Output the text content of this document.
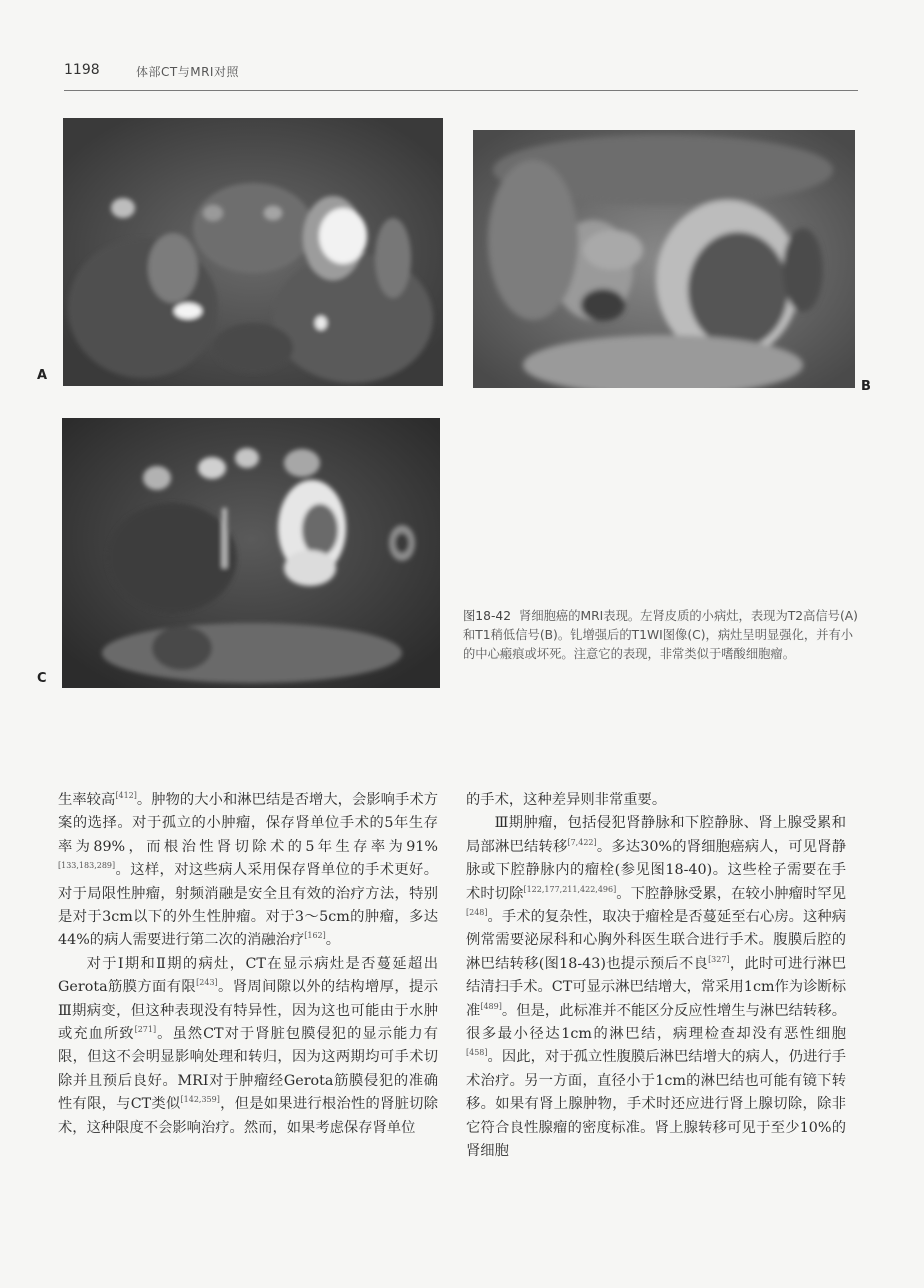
1198	体部CT与MRI对照
A
B
C
图18-42 肾细胞癌的MRI表现。左肾皮质的小病灶，表现为T2高信号(A)和T1稍低信号(B)。钆增强后的T1WI图像(C)，病灶呈明显强化，并有小的中心瘢痕或坏死。注意它的表现，非常类似于嗜酸细胞瘤。

生率较高[412]。肿物的大小和淋巴结是否增大，会影响手术方案的选择。对于孤立的小肿瘤，保存肾单位手术的5年生存率为89%，而根治性肾切除术的5年生存率为91%[133,183,289]。这样，对这些病人采用保存肾单位的手术更好。对于局限性肿瘤，射频消融是安全且有效的治疗方法，特别是对于3cm以下的外生性肿瘤。对于3～5cm的肿瘤，多达44%的病人需要进行第二次的消融治疗[162]。

对于Ⅰ期和Ⅱ期的病灶，CT在显示病灶是否蔓延超出Gerota筋膜方面有限[243]。肾周间隙以外的结构增厚，提示Ⅲ期病变，但这种表现没有特异性，因为这也可能由于水肿或充血所致[271]。虽然CT对于肾脏包膜侵犯的显示能力有限，但这不会明显影响处理和转归，因为这两期均可手术切除并且预后良好。MRI对于肿瘤经Gerota筋膜侵犯的准确性有限，与CT类似[142,359]，但是如果进行根治性的肾脏切除术，这种限度不会影响治疗。然而，如果考虑保存肾单位

的手术，这种差异则非常重要。

Ⅲ期肿瘤，包括侵犯肾静脉和下腔静脉、肾上腺受累和局部淋巴结转移[7,422]。多达30%的肾细胞癌病人，可见肾静脉或下腔静脉内的瘤栓(参见图18-40)。这些栓子需要在手术时切除[122,177,211,422,496]。下腔静脉受累，在较小肿瘤时罕见[248]。手术的复杂性，取决于瘤栓是否蔓延至右心房。这种病例常需要泌尿科和心胸外科医生联合进行手术。腹膜后腔的淋巴结转移(图18-43)也提示预后不良[327]，此时可进行淋巴结清扫手术。CT可显示淋巴结增大，常采用1cm作为诊断标准[489]。但是，此标准并不能区分反应性增生与淋巴结转移。很多最小径达1cm的淋巴结，病理检查却没有恶性细胞[458]。因此，对于孤立性腹膜后淋巴结增大的病人，仍进行手术治疗。另一方面，直径小于1cm的淋巴结也可能有镜下转移。如果有肾上腺肿物，手术时还应进行肾上腺切除，除非它符合良性腺瘤的密度标准。肾上腺转移可见于至少10%的肾细胞
